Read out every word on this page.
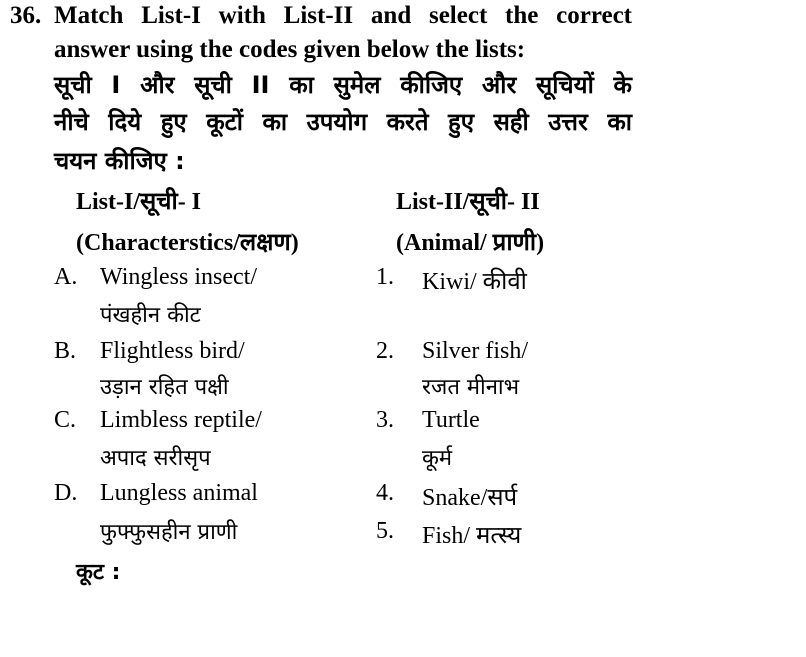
36. Match List-I with List-II and select the correct
answer using the codes given below the lists:
सूची I और सूची II का सुमेल कीजिए और सूचियों के
नीचे दिये हुए कूटों का उपयोग करते हुए सही उत्तर का
चयन कीजिए :
List-I/सूची- I
(Characterstics/लक्षण)
List-II/सूची- II
(Animal/ प्राणी)
A. Wingless insect/
पंखहीन कीट
B. Flightless bird/
उड़ान रहित पक्षी
C. Limbless reptile/
अपाद सरीसृप
D. Lungless animal
फुफ्फुसहीन प्राणी
1. Kiwi/ कीवी
2. Silver fish/
रजत मीनाभ
3. Turtle
कूर्म
4. Snake/सर्प
5. Fish/ मत्स्य
कूट :
